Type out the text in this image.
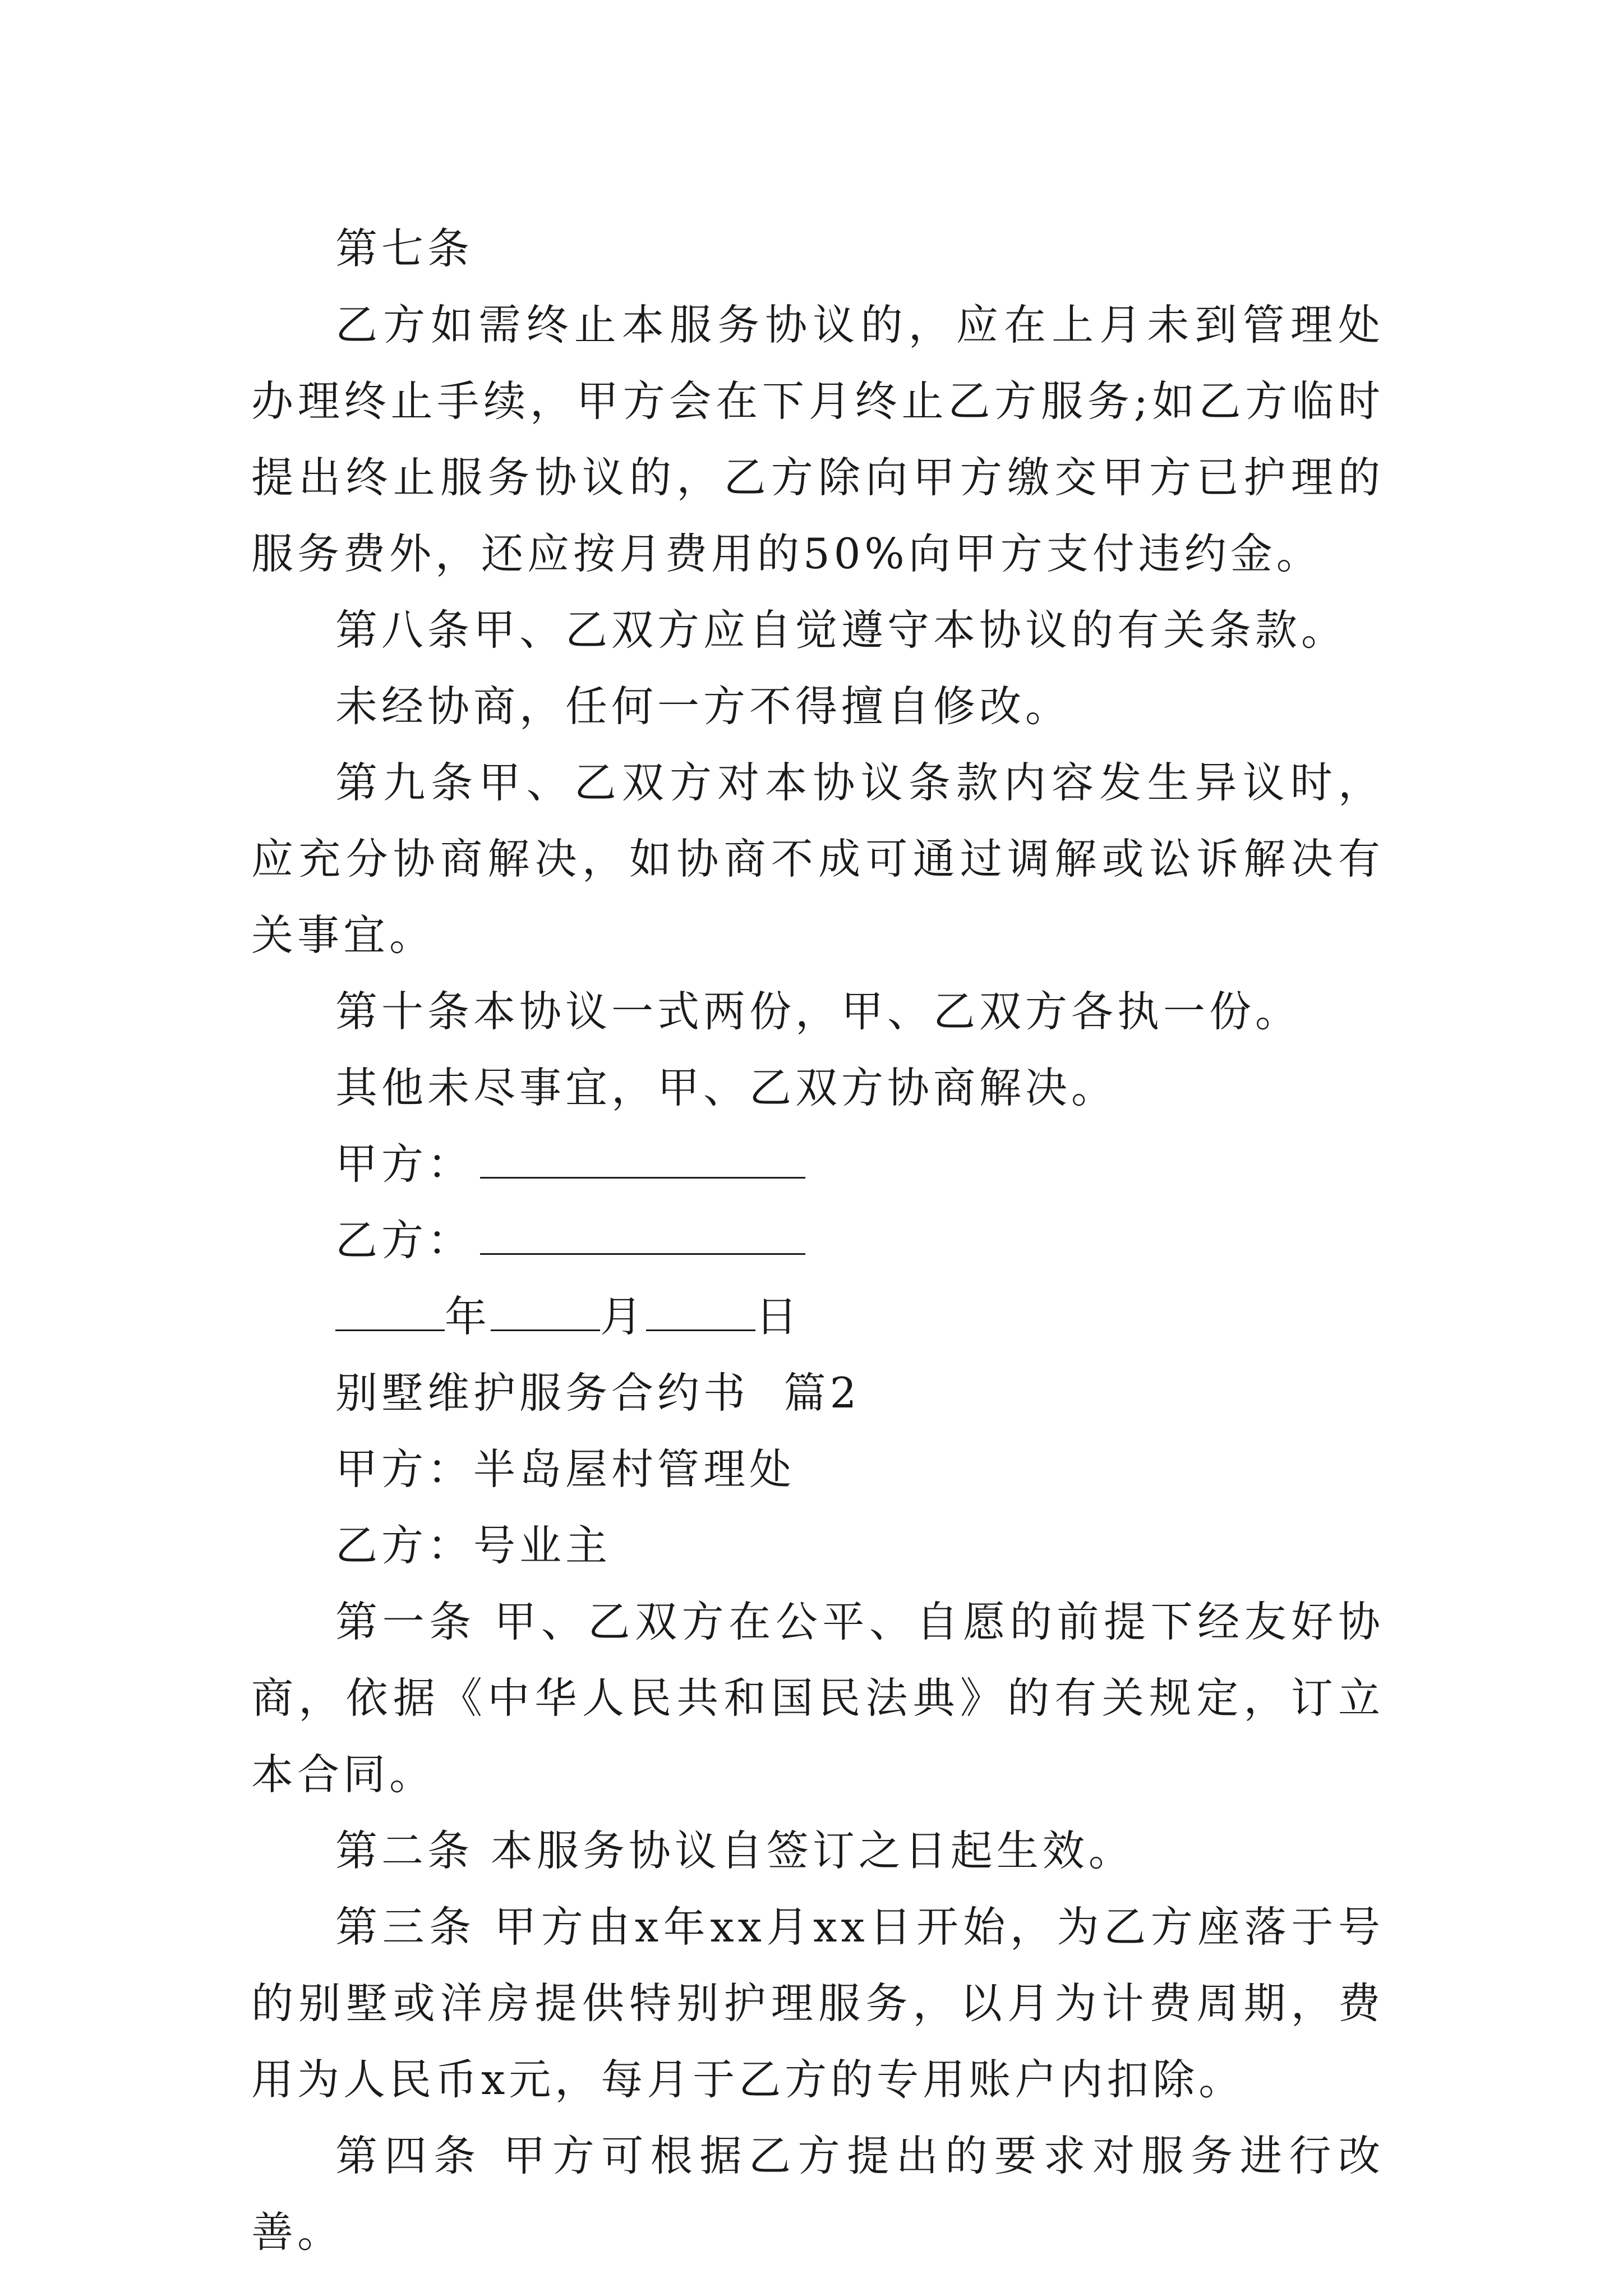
第七条

乙方如需终止本服务协议的，应在上月未到管理处办理终止手续，甲方会在下月终止乙方服务;如乙方临时提出终止服务协议的，乙方除向甲方缴交甲方已护理的服务费外，还应按月费用的50%向甲方支付违约金。

第八条甲、乙双方应自觉遵守本协议的有关条款。

未经协商，任何一方不得擅自修改。

第九条甲、乙双方对本协议条款内容发生异议时，应充分协商解决，如协商不成可通过调解或讼诉解决有关事宜。

第十条本协议一式两份，甲、乙双方各执一份。

其他未尽事宜，甲、乙双方协商解决。

甲方：
乙方：
年	月	日
别墅维护服务合约书  篇2

甲方：半岛屋村管理处

乙方：号业主

第一条 甲、乙双方在公平、自愿的前提下经友好协商，依据《中华人民共和国民法典》的有关规定，订立本合同。

第二条 本服务协议自签订之日起生效。

第三条 甲方由x年xx月xx日开始，为乙方座落于号的别墅或洋房提供特别护理服务，以月为计费周期，费用为人民币x元，每月于乙方的专用账户内扣除。

第四条 甲方可根据乙方提出的要求对服务进行改善。
